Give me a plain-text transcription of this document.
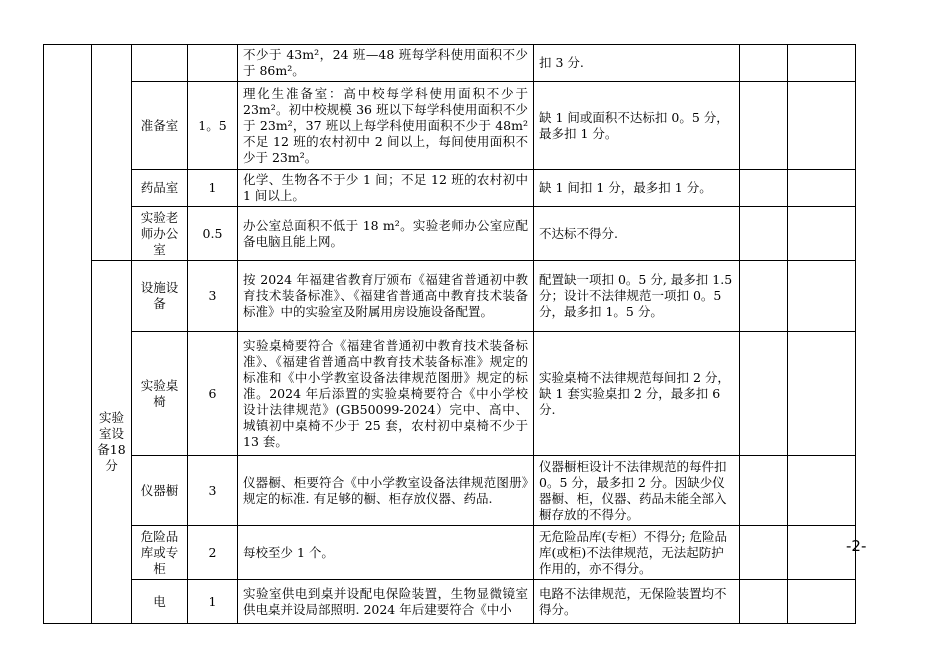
				不少于 43m²，24 班—48 班每学科使用面积不少于 86m²。	扣 3 分.		
		准备室	1。5	理化生准备室：高中校每学科使用面积不少于 23m²。初中校规模 36 班以下每学科使用面积不少于 23m²，37 班以上每学科使用面积不少于 48m²不足 12 班的农村初中 2 间以上，每间使用面积不少于 23m²。	缺 1 间或面积不达标扣 0。5 分，最多扣 1 分。		
		药品室	1	化学、生物各不于少 1 间；不足 12 班的农村初中 1 间以上。	缺 1 间扣 1 分，最多扣 1 分。		
		实验老师办公室	0.5	办公室总面积不低于 18 m²。实验老师办公室应配备电脑且能上网。	不达标不得分.		
	实验室设备18分	设施设备	3	按 2024 年福建省教育厅颁布《福建省普通初中教育技术装备标准》、《福建省普通高中教育技术装备标准》中的实验室及附属用房设施设备配置。	配置缺一项扣 0。5 分, 最多扣 1.5 分；设计不法律规范一项扣 0。5 分，最多扣 1。5 分。		
		实验桌椅	6	实验桌椅要符合《福建省普通初中教育技术装备标准》、《福建省普通高中教育技术装备标准》规定的标准和《中小学教室设备法律规范图册》规定的标准。2024 年后添置的实验桌椅要符合《中小学校设计法律规范》(GB50099-2024）完中、高中、城镇初中桌椅不少于 25 套，农村初中桌椅不少于 13 套。	实验桌椅不法律规范每间扣 2 分，缺 1 套实验桌扣 2 分，最多扣 6 分.		
		仪器橱	3	仪器橱、柜要符合《中小学教室设备法律规范图册》规定的标准. 有足够的橱、柜存放仪器、药品.	仪器橱柜设计不法律规范的每件扣 0。5 分，最多扣 2 分。因缺少仪器橱、柜，仪器、药品未能全部入橱存放的不得分。		
		危险品库或专柜	2	每校至少 1 个。	无危险品库(专柜）不得分; 危险品库(或柜)不法律规范，无法起防护作用的，亦不得分。		
		电	1	实验室供电到桌并设配电保险装置，生物显微镜室供电桌并设局部照明. 2024 年后建要符合《中小	电路不法律规范，无保险装置均不得分。		
-2-
